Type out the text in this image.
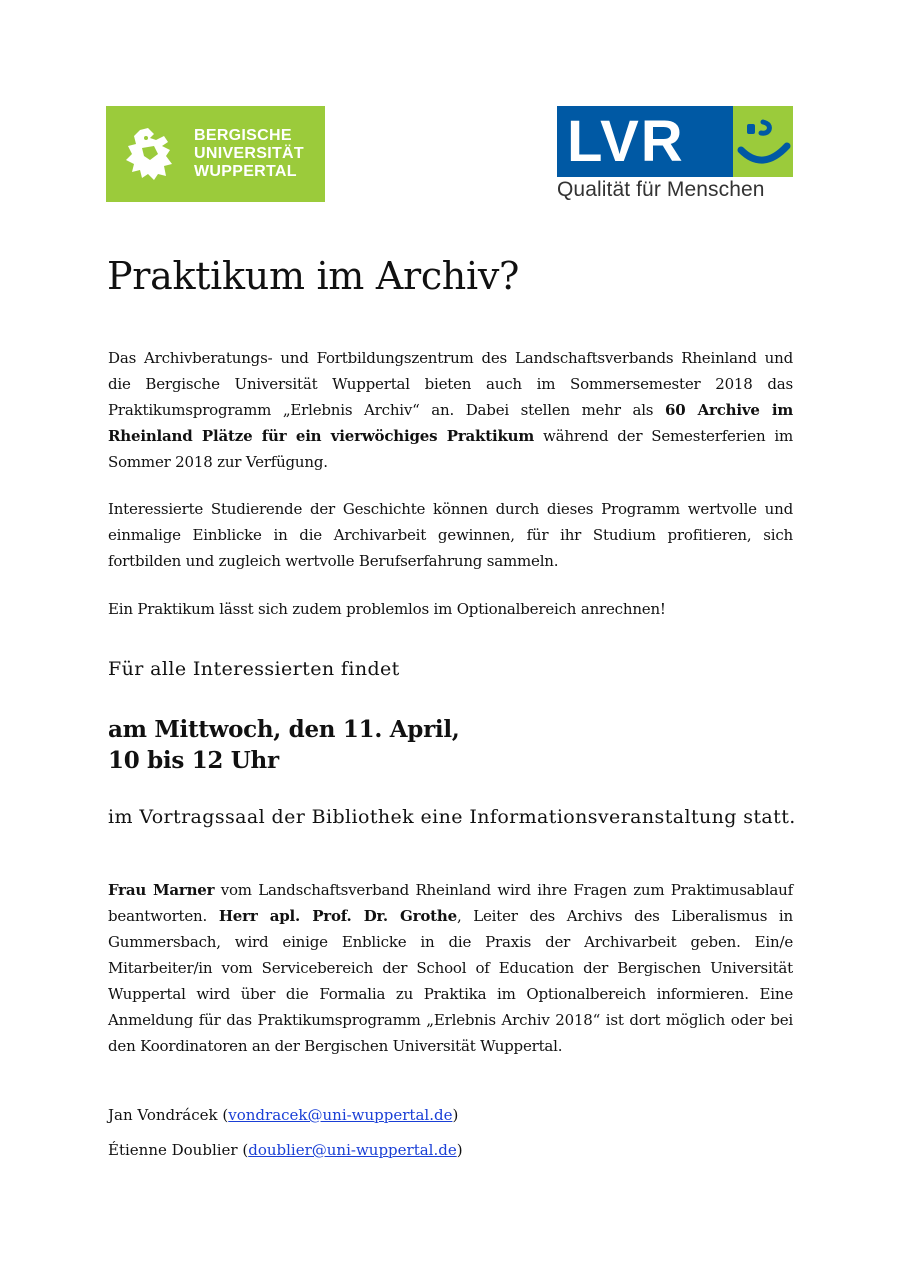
BERGISCHE
UNIVERSITÄT
WUPPERTAL	LVR
Qualität für Menschen
Praktikum im Archiv?

Das Archivberatungs- und Fortbildungszentrum des Landschaftsverbands Rheinland und die Bergische Universität Wuppertal bieten auch im Sommersemester 2018 das Praktikumsprogramm „Erlebnis Archiv“ an. Dabei stellen mehr als 60 Archive im Rheinland Plätze für ein vierwöchiges Praktikum während der Semesterferien im Sommer 2018 zur Verfügung.

Interessierte Studierende der Geschichte können durch dieses Programm wertvolle und einmalige Einblicke in die Archivarbeit gewinnen, für ihr Studium profitieren, sich fortbilden und zugleich wertvolle Berufserfahrung sammeln.

Ein Praktikum lässt sich zudem problemlos im Optionalbereich anrechnen!

Für alle Interessierten findet

am Mittwoch, den 11. April,
10 bis 12 Uhr

im Vortragssaal der Bibliothek eine Informationsveranstaltung statt.

Frau Marner vom Landschaftsverband Rheinland wird ihre Fragen zum Praktimusablauf beantworten. Herr apl. Prof. Dr. Grothe, Leiter des Archivs des Liberalismus in Gummersbach, wird einige Enblicke in die Praxis der Archivarbeit geben. Ein/e Mitarbeiter/in vom Servicebereich der School of Education der Bergischen Universität Wuppertal wird über die Formalia zu Praktika im Optionalbereich informieren. Eine Anmeldung für das Praktikumsprogramm „Erlebnis Archiv 2018“ ist dort möglich oder bei den Koordinatoren an der Bergischen Universität Wuppertal.

Jan Vondrácek (vondracek@uni-wuppertal.de)

Étienne Doublier (doublier@uni-wuppertal.de)
